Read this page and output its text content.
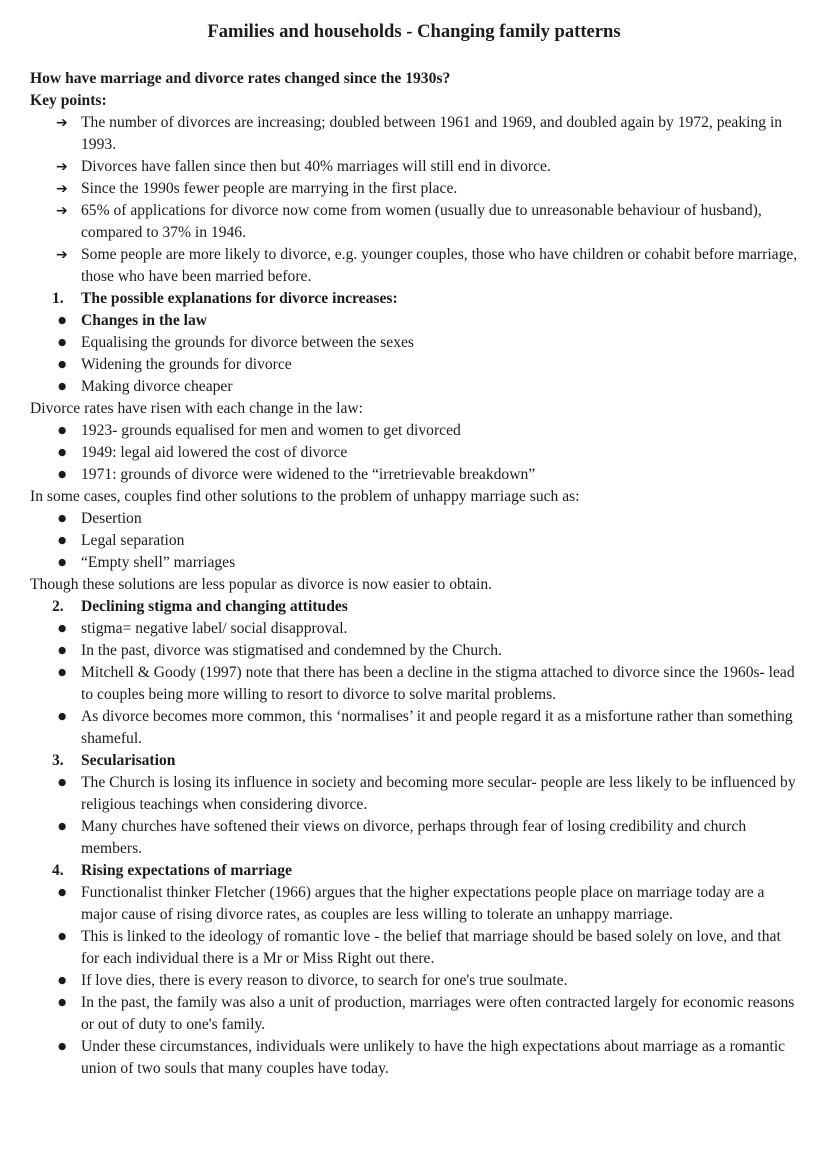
Families and households - Changing family patterns
How have marriage and divorce rates changed since the 1930s?
Key points:
➔ The number of divorces are increasing; doubled between 1961 and 1969, and doubled again by 1972, peaking in 1993.
➔ Divorces have fallen since then but 40% marriages will still end in divorce.
➔ Since the 1990s fewer people are marrying in the first place.
➔ 65% of applications for divorce now come from women (usually due to unreasonable behaviour of husband), compared to 37% in 1946.
➔ Some people are more likely to divorce, e.g. younger couples, those who have children or cohabit before marriage, those who have been married before.
1.	The possible explanations for divorce increases:
● Changes in the law
● Equalising the grounds for divorce between the sexes
● Widening the grounds for divorce
● Making divorce cheaper
Divorce rates have risen with each change in the law:
● 1923- grounds equalised for men and women to get divorced
● 1949: legal aid lowered the cost of divorce
● 1971: grounds of divorce were widened to the “irretrievable breakdown”
In some cases, couples find other solutions to the problem of unhappy marriage such as:
● Desertion
● Legal separation
● “Empty shell” marriages
Though these solutions are less popular as divorce is now easier to obtain.
2.	Declining stigma and changing attitudes
● stigma= negative label/ social disapproval.
● In the past, divorce was stigmatised and condemned by the Church.
● Mitchell & Goody (1997) note that there has been a decline in the stigma attached to divorce since the 1960s- lead to couples being more willing to resort to divorce to solve marital problems.
● As divorce becomes more common, this ‘normalises’ it and people regard it as a misfortune rather than something shameful.
3.	Secularisation
● The Church is losing its influence in society and becoming more secular- people are less likely to be influenced by religious teachings when considering divorce.
● Many churches have softened their views on divorce, perhaps through fear of losing credibility and church members.
4.	Rising expectations of marriage
● Functionalist thinker Fletcher (1966) argues that the higher expectations people place on marriage today are a major cause of rising divorce rates, as couples are less willing to tolerate an unhappy marriage.
● This is linked to the ideology of romantic love - the belief that marriage should be based solely on love, and that for each individual there is a Mr or Miss Right out there.
● If love dies, there is every reason to divorce, to search for one's true soulmate.
● In the past, the family was also a unit of production, marriages were often contracted largely for economic reasons or out of duty to one's family.
● Under these circumstances, individuals were unlikely to have the high expectations about marriage as a romantic union of two souls that many couples have today.
